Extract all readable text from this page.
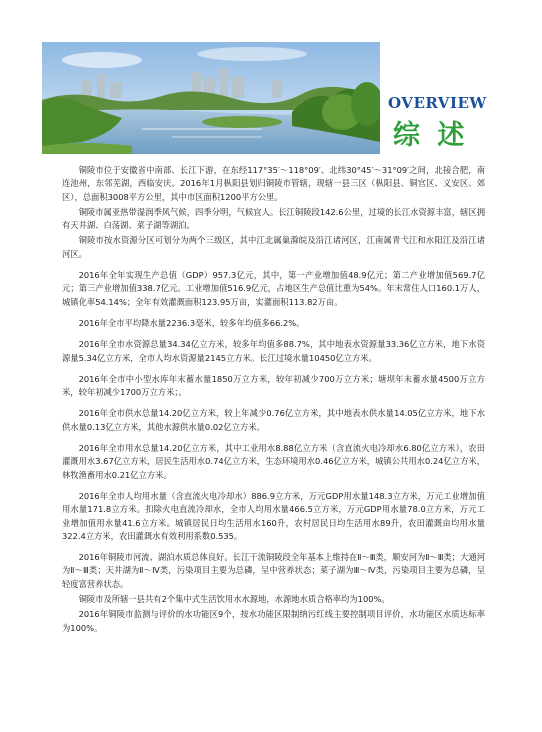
OVERVIEW
综 述

铜陵市位于安徽省中南部、长江下游，在东经117°35′～118°09′、北纬30°45′～31°09′之间，北接合肥，南连池州，东邻芜湖，西临安庆。2016年1月枞阳县划归铜陵市管辖，现辖一县三区（枞阳县、铜官区、义安区、郊区），总面积3008平方公里，其中市区面积1200平方公里。

铜陵市属亚热带湿润季风气候，四季分明，气候宜人。长江铜陵段142.6公里，过境的长江水资源丰富，辖区拥有天井湖、白荡湖、菜子湖等湖泊。

铜陵市按水资源分区可划分为两个三级区，其中江北属巢滁皖及沿江诸河区，江南属青弋江和水阳江及沿江诸河区。

2016年全年实现生产总值（GDP）957.3亿元，其中，第一产业增加值48.9亿元；第二产业增加值569.7亿元；第三产业增加值338.7亿元。工业增加值516.9亿元，占地区生产总值比重为54%。年末常住人口160.1万人，城镇化率54.14%；全年有效灌溉面积123.95万亩，实灌面积113.82万亩。

2016年全市平均降水量2236.3毫米，较多年均值多66.2%。

2016年全市水资源总量34.34亿立方米，较多年均值多88.7%，其中地表水资源量33.36亿立方米，地下水资源量5.34亿立方米，全市人均水资源量2145立方米。长江过境水量10450亿立方米。

2016年全市中小型水库年末蓄水量1850万立方米，较年初减少700万立方米；塘坝年末蓄水量4500万立方米，较年初减少1700万立方米；。

2016年全市供水总量14.20亿立方米，较上年减少0.76亿立方米，其中地表水供水量14.05亿立方米，地下水供水量0.13亿立方米，其他水源供水量0.02亿立方米。

2016年全市用水总量14.20亿立方米，其中工业用水8.88亿立方米（含直流火电冷却水6.80亿立方米），农田灌溉用水3.67亿立方米，居民生活用水0.74亿立方米，生态环境用水0.46亿立方米，城镇公共用水0.24亿立方米，林牧渔畜用水0.21亿立方米。

2016年全市人均用水量（含直流火电冷却水）886.9立方米，万元GDP用水量148.3立方米，万元工业增加值用水量171.8立方米。扣除火电直流冷却水，全市人均用水量466.5立方米，万元GDP用水量78.0立方米，万元工业增加值用水量41.6立方米。城镇居民日均生活用水160升，农村居民日均生活用水89升，农田灌溉亩均用水量322.4立方米，农田灌溉水有效利用系数0.535。

2016年铜陵市河流、湖泊水质总体良好。长江干流铜陵段全年基本上维持在Ⅱ～Ⅲ类，顺安河为Ⅱ～Ⅲ类；大通河为Ⅱ～Ⅲ类；天井湖为Ⅱ～Ⅳ类，污染项目主要为总磷，呈中营养状态；菜子湖为Ⅲ～Ⅳ类，污染项目主要为总磷，呈轻度富营养状态。

铜陵市及所辖一县共有2个集中式生活饮用水水源地，水源地水质合格率均为100%。

2016年铜陵市监测与评价的水功能区9个，按水功能区限制纳污红线主要控制项目评价，水功能区水质达标率为100%。
